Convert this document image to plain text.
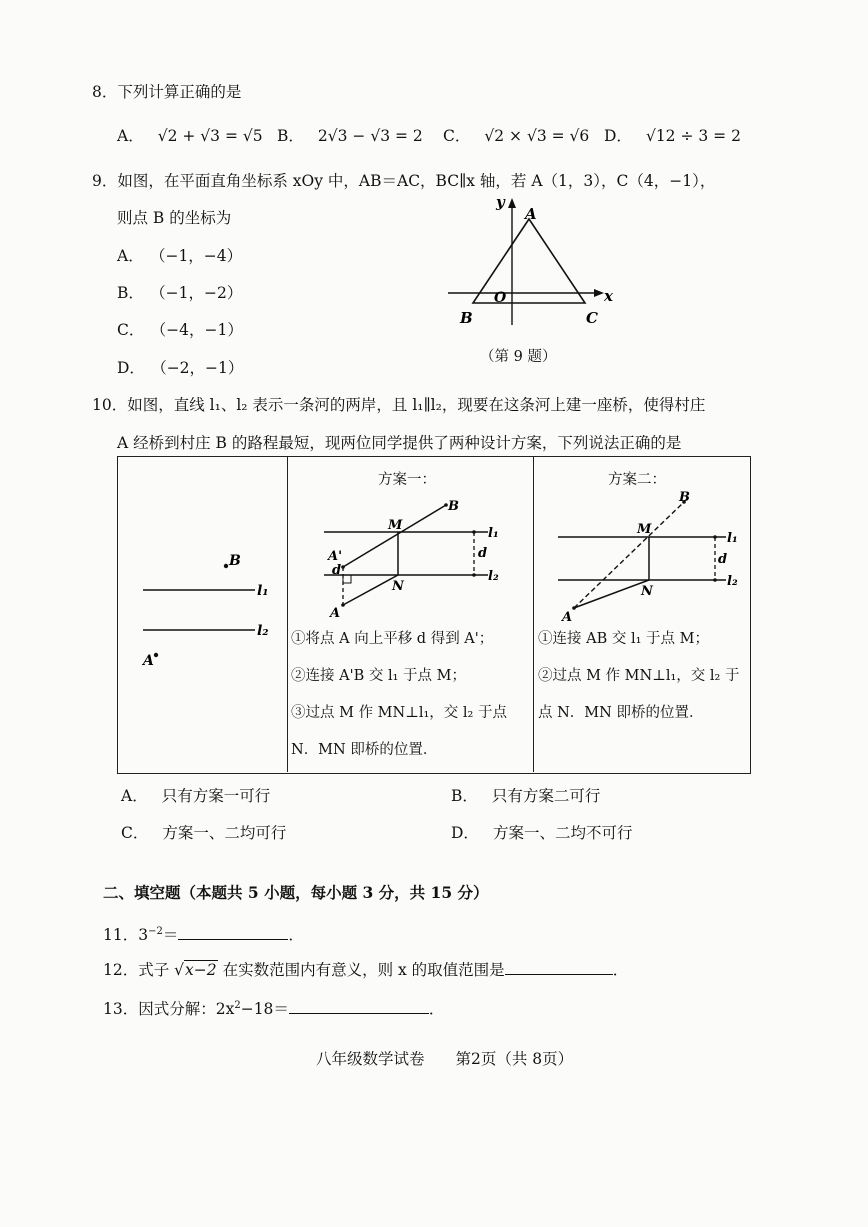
8．下列计算正确的是
A． √2 + √3 = √5 B． 2√3 − √3 = 2 C． √2 × √3 = √6 D． √12 ÷ 3 = 2
9．如图，在平面直角坐标系 xOy 中，AB＝AC，BC∥x 轴，若 A（1，3），C（4，−1），
则点 B 的坐标为
A． （−1，−4）
B． （−1，−2）
C． （−4，−1）
D． （−2，−1）
y
x
O
A
B	C
（第 9 题）
10．如图，直线 l₁、l₂ 表示一条河的两岸，且 l₁∥l₂，现要在这条河上建一座桥，使得村庄
A 经桥到村庄 B 的路程最短，现两位同学提供了两种设计方案，下列说法正确的是
B
A
l₁
l₂
方案一：
B
M
A'
d
d
N
A
l₁
l₂
①将点 A 向上平移 d 得到 A'；
②连接 A'B 交 l₁ 于点 M；
③过点 M 作 MN⊥l₁，交 l₂ 于点
N．MN 即桥的位置．
方案二：
B
M
d
N
A
l₁
l₂
①连接 AB 交 l₁ 于点 M；
②过点 M 作 MN⊥l₁，交 l₂ 于
点 N．MN 即桥的位置．
A． 只有方案一可行	B． 只有方案二可行
C． 方案一、二均可行	D． 方案一、二均不可行
二、填空题（本题共 5 小题，每小题 3 分，共 15 分）
11．$3^{-2}=$	．
12．式子 √x−2 在实数范围内有意义，则 x 的取值范围是	．
13．因式分解：$2x^2-18=$	．
八年级数学试卷　　第2页（共 8页）
